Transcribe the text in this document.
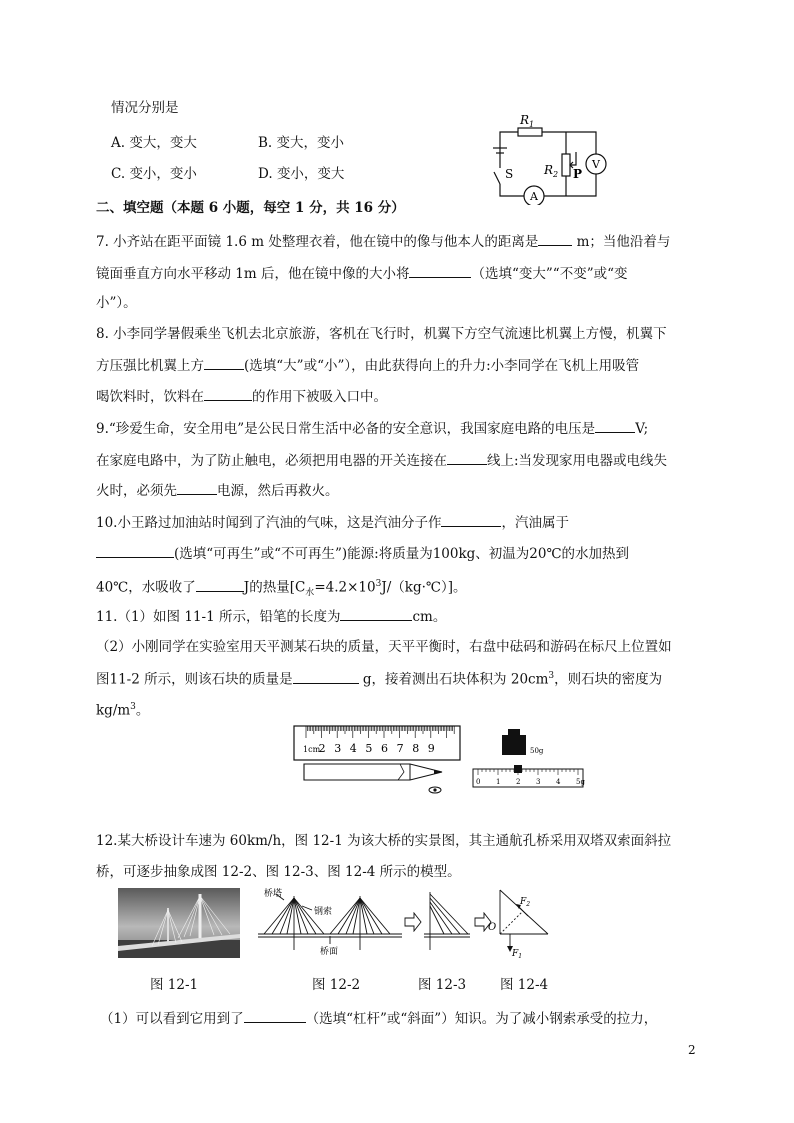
情况分别是
A. 变大，变大	B. 变大，变小
C. 变小，变小	D. 变小，变大
$R_1$
$R_2$ P
S
V
A
二、填空题（本题 6 小题，每空 1 分，共 16 分）
7. 小齐站在距平面镜 1.6 m 处整理衣着，他在镜中的像与他本人的距离是	m；当他沿着与
镜面垂直方向水平移动 1m 后，他在镜中像的大小将	（选填“变大”“不变”或“变
小”）。
8. 小李同学暑假乘坐飞机去北京旅游，客机在飞行时，机翼下方空气流速比机翼上方慢，机翼下
方压强比机翼上方	(选填“大”或“小”），由此获得向上的升力:小李同学在飞机上用吸管
喝饮料时，饮料在	的作用下被吸入口中。
9.“珍爱生命，安全用电”是公民日常生活中必备的安全意识，我国家庭电路的电压是	V;
在家庭电路中，为了防止触电，必须把用电器的开关连接在	线上:当发现家用电器或电线失
火时，必须先	电源，然后再救火。
10.小王路过加油站时闻到了汽油的气味，这是汽油分子作	，汽油属于
(选填“可再生”或“不可再生”)能源:将质量为100kg、初温为20℃的水加热到
40℃，水吸收了	J的热量$[C_水=4.2\times 10^3J/(kg\cdot℃)]$。
11.（1）如图 11-1 所示，铅笔的长度为	cm。
（2）小刚同学在实验室用天平测某石块的质量，天平平衡时，右盘中砝码和游码在标尺上位置如
图11-2 所示，则该石块的质量是	g，接着测出石块体积为 $20cm^3$，则石块的密度为
$kg/m^3$。
1cm
2 3 4 5 6 7 8 9	50g
0 1 2 3 4 5g
12.某大桥设计车速为 60km/h，图 12-1 为该大桥的实景图，其主通航孔桥采用双塔双索面斜拉
桥，可逐步抽象成图 12-2、图 12-3、图 12-4 所示的模型。
桥塔
钢索
桥面
O
$F_1$
$F_2$
图 12-1	图 12-2	图 12-3	图 12-4
（1）可以看到它用到了	（选填“杠杆”或“斜面”）知识。为了减小钢索承受的拉力，
2
